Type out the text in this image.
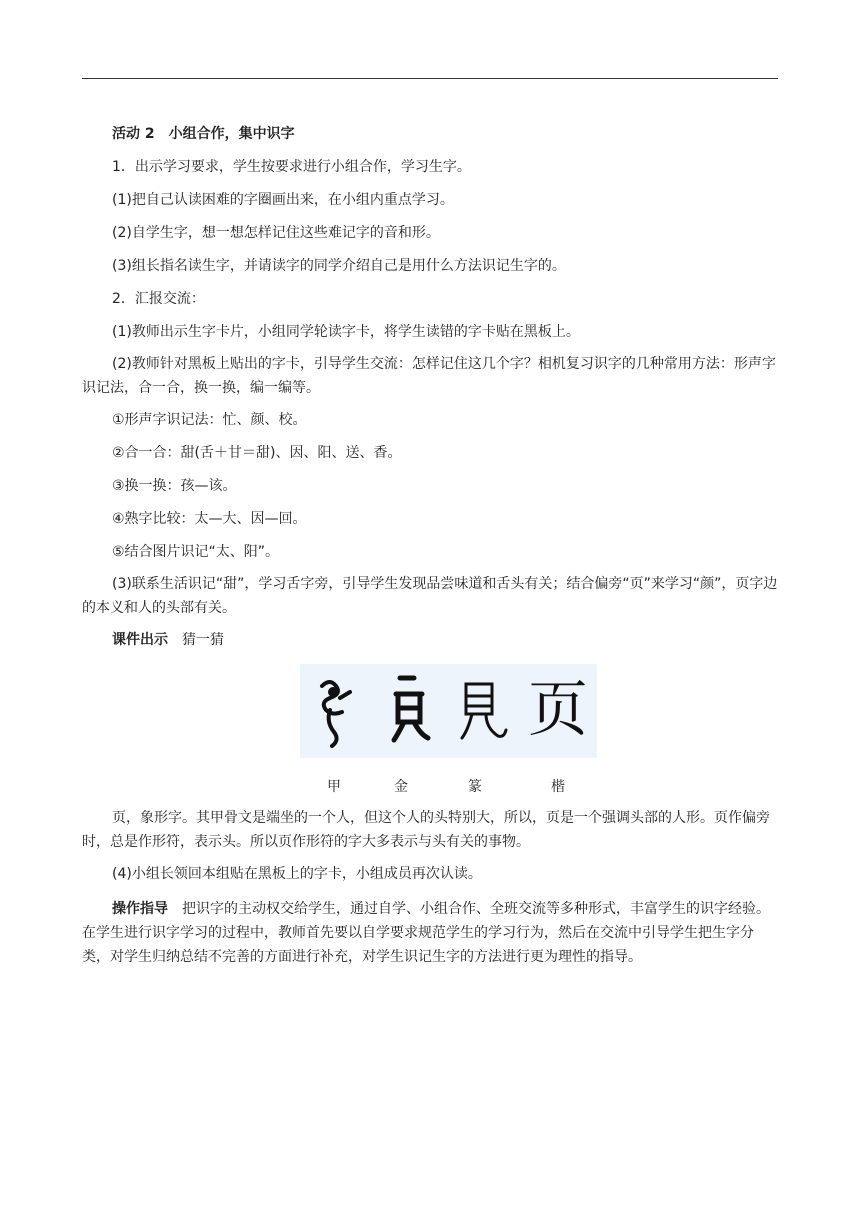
活动 2　小组合作，集中识字

1．出示学习要求，学生按要求进行小组合作，学习生字。

(1)把自己认读困难的字圈画出来，在小组内重点学习。

(2)自学生字，想一想怎样记住这些难记字的音和形。

(3)组长指名读生字，并请读字的同学介绍自己是用什么方法识记生字的。

2．汇报交流：

(1)教师出示生字卡片，小组同学轮读字卡，将学生读错的字卡贴在黑板上。

(2)教师针对黑板上贴出的字卡，引导学生交流：怎样记住这几个字？相机复习识字的几种常用方法：形声字识记法，合一合，换一换，编一编等。

①形声字识记法：忙、颜、校。

②合一合：甜(舌＋甘＝甜)、因、阳、送、香。

③换一换：孩—该。

④熟字比较：太—大、因—回。

⑤结合图片识记“太、阳”。

(3)联系生活识记“甜”，学习舌字旁，引导学生发现品尝味道和舌头有关；结合偏旁“页”来学习“颜”，页字边的本义和人的头部有关。

课件出示　 猜一猜

页
甲	金	篆	楷

页，象形字。其甲骨文是端坐的一个人，但这个人的头特别大，所以，页是一个强调头部的人形。页作偏旁时，总是作形符，表示头。所以页作形符的字大多表示与头有关的事物。

(4)小组长领回本组贴在黑板上的字卡，小组成员再次认读。

操作指导　 把识字的主动权交给学生，通过自学、小组合作、全班交流等多种形式，丰富学生的识字经验。在学生进行识字学习的过程中，教师首先要以自学要求规范学生的学习行为，然后在交流中引导学生把生字分类，对学生归纳总结不完善的方面进行补充，对学生识记生字的方法进行更为理性的指导。
